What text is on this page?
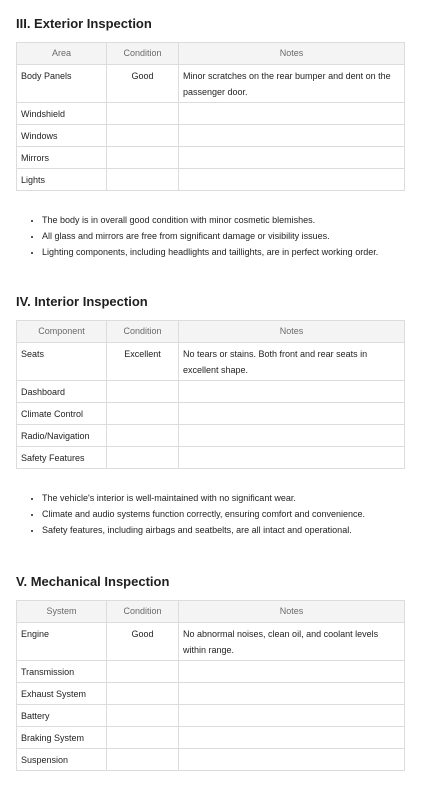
III. Exterior Inspection
Area	Condition	Notes
Body Panels	Good	Minor scratches on the rear bumper and dent on the passenger door.
Windshield		
Windows		
Mirrors		
Lights		
• The body is in overall good condition with minor cosmetic blemishes.
• All glass and mirrors are free from significant damage or visibility issues.
• Lighting components, including headlights and taillights, are in perfect working order.
IV. Interior Inspection
Component	Condition	Notes
Seats	Excellent	No tears or stains. Both front and rear seats in excellent shape.
Dashboard		
Climate Control		
Radio/Navigation		
Safety Features		
• The vehicle's interior is well-maintained with no significant wear.
• Climate and audio systems function correctly, ensuring comfort and convenience.
• Safety features, including airbags and seatbelts, are all intact and operational.
V. Mechanical Inspection
System	Condition	Notes
Engine	Good	No abnormal noises, clean oil, and coolant levels within range.
Transmission		
Exhaust System		
Battery		
Braking System		
Suspension		
